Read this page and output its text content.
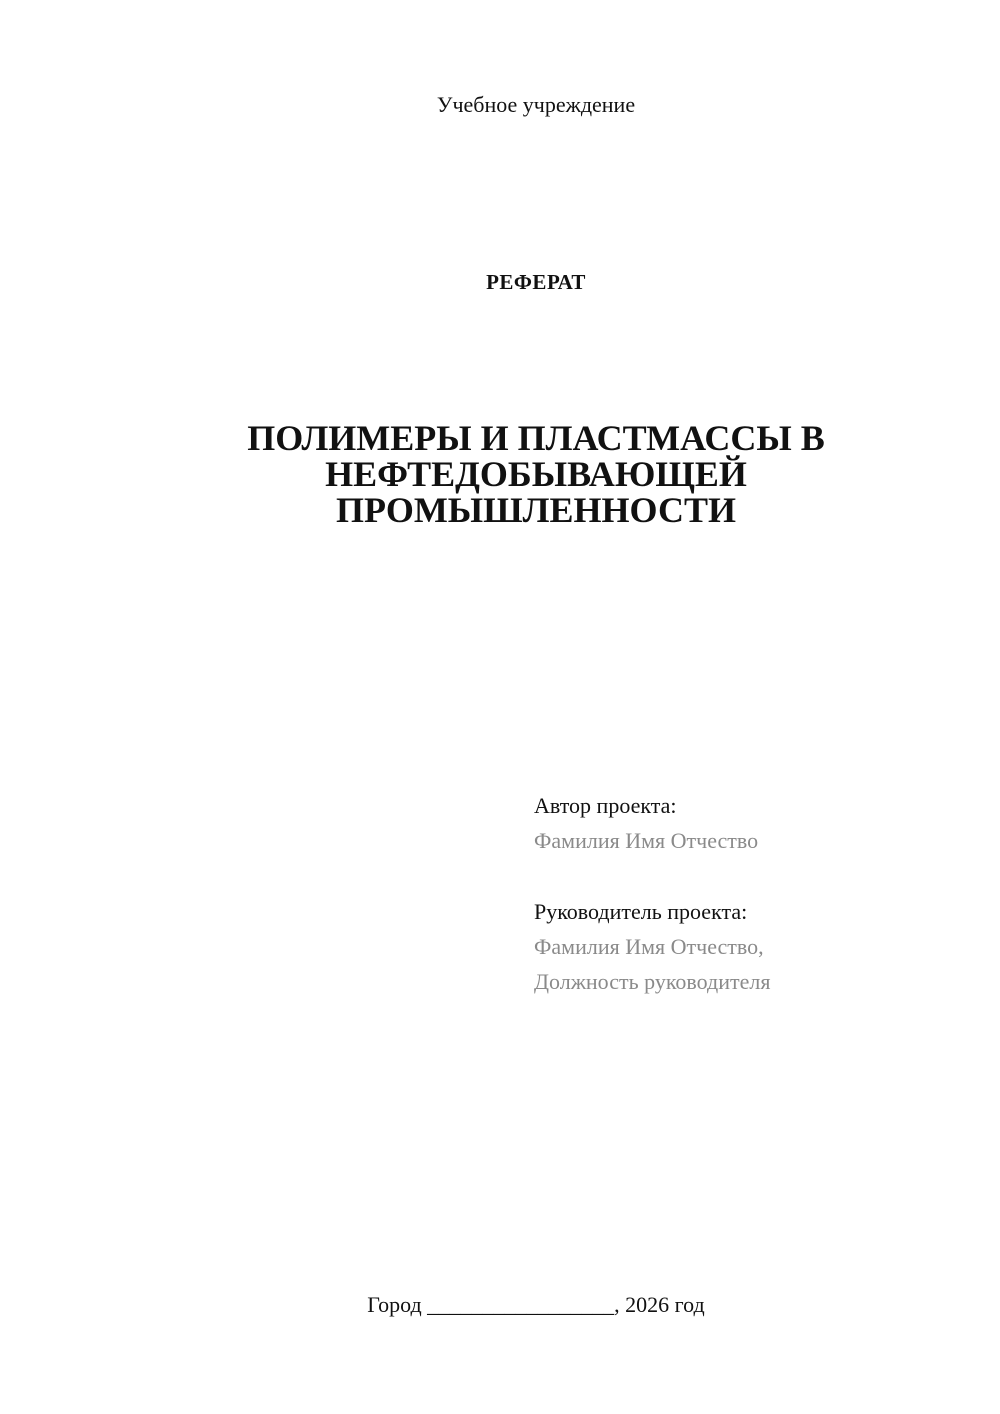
Учебное учреждение
РЕФЕРАТ
ПОЛИМЕРЫ И ПЛАСТМАССЫ В
НЕФТЕДОБЫВАЮЩЕЙ
ПРОМЫШЛЕННОСТИ
Автор проекта:
Фамилия Имя Отчество
Руководитель проекта:
Фамилия Имя Отчество,
Должность руководителя
Город _________________, 2026 год
